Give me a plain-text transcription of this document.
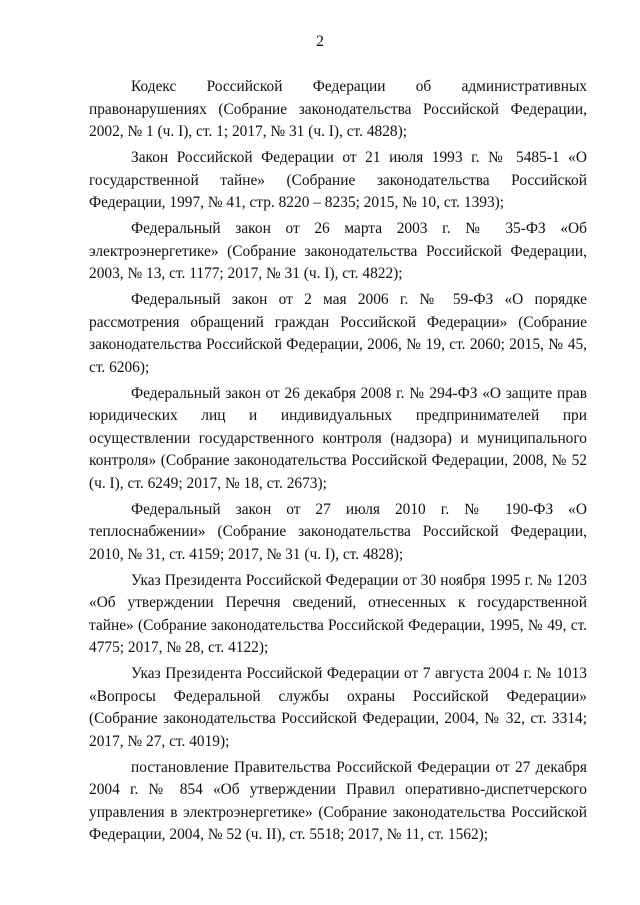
2

Кодекс Российской Федерации об административных правонарушениях (Собрание законодательства Российской Федерации, 2002, № 1 (ч. I), ст. 1; 2017, № 31 (ч. I), ст. 4828);

Закон Российской Федерации от 21 июля 1993 г. № 5485-1 «О государственной тайне» (Собрание законодательства Российской Федерации, 1997, № 41, стр. 8220 – 8235; 2015, № 10, ст. 1393);

Федеральный закон от 26 марта 2003 г. № 35-ФЗ «Об электроэнергетике» (Собрание законодательства Российской Федерации, 2003, № 13, ст. 1177; 2017, № 31 (ч. I), ст. 4822);

Федеральный закон от 2 мая 2006 г. № 59-ФЗ «О порядке рассмотрения обращений граждан Российской Федерации» (Собрание законодательства Российской Федерации, 2006, № 19, ст. 2060; 2015, № 45, ст. 6206);

Федеральный закон от 26 декабря 2008 г. № 294-ФЗ «О защите прав юридических лиц и индивидуальных предпринимателей при осуществлении государственного контроля (надзора) и муниципального контроля» (Собрание законодательства Российской Федерации, 2008, № 52 (ч. I), ст. 6249; 2017, № 18, ст. 2673);

Федеральный закон от 27 июля 2010 г. № 190-ФЗ «О теплоснабжении» (Собрание законодательства Российской Федерации, 2010, № 31, ст. 4159; 2017, № 31 (ч. I), ст. 4828);

Указ Президента Российской Федерации от 30 ноября 1995 г. № 1203 «Об утверждении Перечня сведений, отнесенных к государственной тайне» (Собрание законодательства Российской Федерации, 1995, № 49, ст. 4775; 2017, № 28, ст. 4122);

Указ Президента Российской Федерации от 7 августа 2004 г. № 1013 «Вопросы Федеральной службы охраны Российской Федерации» (Собрание законодательства Российской Федерации, 2004, № 32, ст. 3314; 2017, № 27, ст. 4019);

постановление Правительства Российской Федерации от 27 декабря 2004 г. № 854 «Об утверждении Правил оперативно-диспетчерского управления в электроэнергетике» (Собрание законодательства Российской Федерации, 2004, № 52 (ч. II), ст. 5518; 2017, № 11, ст. 1562);
